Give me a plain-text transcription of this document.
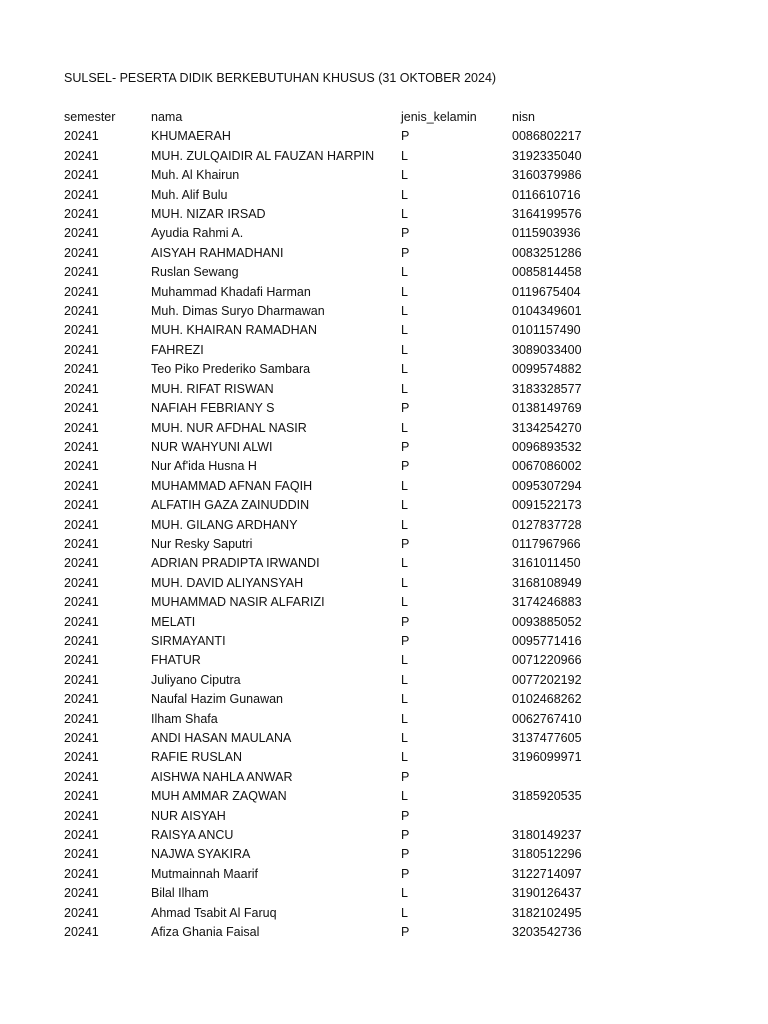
SULSEL- PESERTA DIDIK BERKEBUTUHAN KHUSUS (31 OKTOBER 2024)
semester	nama	jenis_kelamin	nisn
20241	KHUMAERAH	P	0086802217
20241	MUH. ZULQAIDIR AL FAUZAN HARPIN	L	3192335040
20241	Muh. Al Khairun	L	3160379986
20241	Muh. Alif Bulu	L	0116610716
20241	MUH. NIZAR IRSAD	L	3164199576
20241	Ayudia Rahmi A.	P	0115903936
20241	AISYAH RAHMADHANI	P	0083251286
20241	Ruslan Sewang	L	0085814458
20241	Muhammad Khadafi Harman	L	0119675404
20241	Muh. Dimas Suryo Dharmawan	L	0104349601
20241	MUH. KHAIRAN RAMADHAN	L	0101157490
20241	FAHREZI	L	3089033400
20241	Teo Piko Prederiko Sambara	L	0099574882
20241	MUH. RIFAT RISWAN	L	3183328577
20241	NAFIAH FEBRIANY S	P	0138149769
20241	MUH. NUR AFDHAL NASIR	L	3134254270
20241	NUR WAHYUNI ALWI	P	0096893532
20241	Nur Af'ida Husna H	P	0067086002
20241	MUHAMMAD AFNAN FAQIH	L	0095307294
20241	ALFATIH GAZA ZAINUDDIN	L	0091522173
20241	MUH. GILANG ARDHANY	L	0127837728
20241	Nur Resky Saputri	P	0117967966
20241	ADRIAN PRADIPTA IRWANDI	L	3161011450
20241	MUH. DAVID ALIYANSYAH	L	3168108949
20241	MUHAMMAD NASIR ALFARIZI	L	3174246883
20241	MELATI	P	0093885052
20241	SIRMAYANTI	P	0095771416
20241	FHATUR	L	0071220966
20241	Juliyano Ciputra	L	0077202192
20241	Naufal Hazim Gunawan	L	0102468262
20241	Ilham Shafa	L	0062767410
20241	ANDI HASAN MAULANA	L	3137477605
20241	RAFIE RUSLAN	L	3196099971
20241	AISHWA NAHLA ANWAR	P	
20241	MUH AMMAR ZAQWAN	L	3185920535
20241	NUR AISYAH	P	
20241	RAISYA ANCU	P	3180149237
20241	NAJWA SYAKIRA	P	3180512296
20241	Mutmainnah Maarif	P	3122714097
20241	Bilal Ilham	L	3190126437
20241	Ahmad Tsabit Al Faruq	L	3182102495
20241	Afiza Ghania Faisal	P	3203542736
